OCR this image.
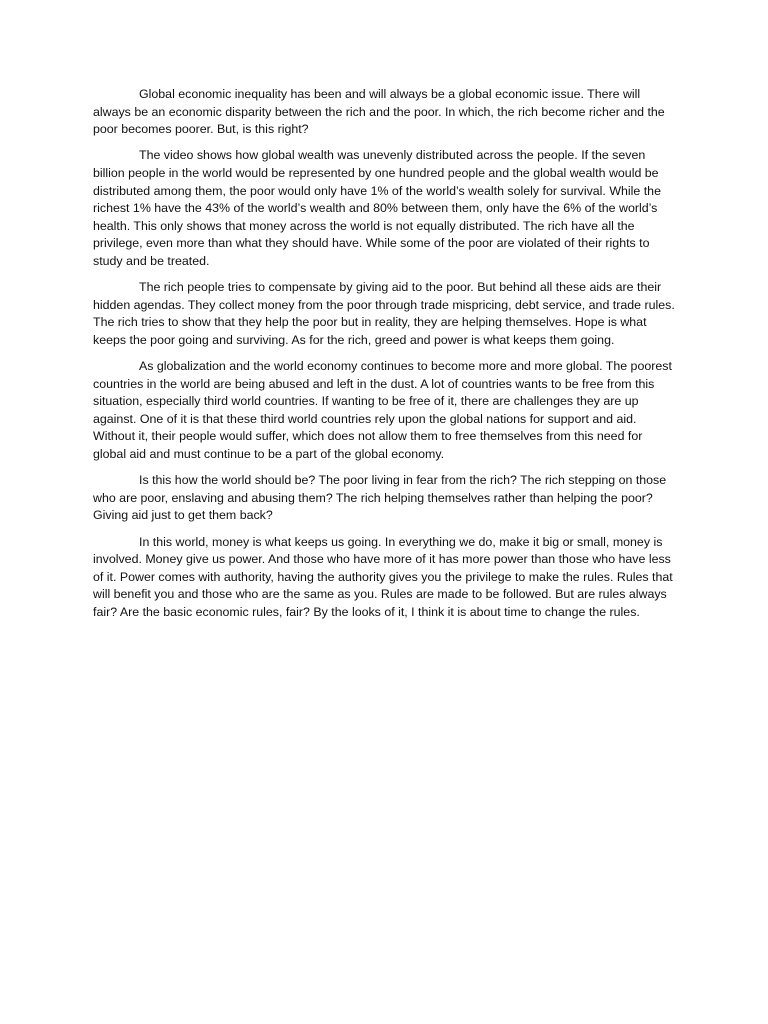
Global economic inequality has been and will always be a global economic issue. There will always be an economic disparity between the rich and the poor. In which, the rich become richer and the poor becomes poorer. But, is this right?

The video shows how global wealth was unevenly distributed across the people. If the seven billion people in the world would be represented by one hundred people and the global wealth would be distributed among them, the poor would only have 1% of the world’s wealth solely for survival. While the richest 1% have the 43% of the world’s wealth and 80% between them, only have the 6% of the world’s health. This only shows that money across the world is not equally distributed. The rich have all the privilege, even more than what they should have. While some of the poor are violated of their rights to study and be treated.

The rich people tries to compensate by giving aid to the poor. But behind all these aids are their hidden agendas. They collect money from the poor through trade mispricing, debt service, and trade rules. The rich tries to show that they help the poor but in reality, they are helping themselves. Hope is what keeps the poor going and surviving. As for the rich, greed and power is what keeps them going.

As globalization and the world economy continues to become more and more global. The poorest countries in the world are being abused and left in the dust. A lot of countries wants to be free from this situation, especially third world countries. If wanting to be free of it, there are challenges they are up against. One of it is that these third world countries rely upon the global nations for support and aid. Without it, their people would suffer, which does not allow them to free themselves from this need for global aid and must continue to be a part of the global economy.

Is this how the world should be? The poor living in fear from the rich? The rich stepping on those who are poor, enslaving and abusing them? The rich helping themselves rather than helping the poor? Giving aid just to get them back?

In this world, money is what keeps us going. In everything we do, make it big or small, money is involved. Money give us power. And those who have more of it has more power than those who have less of it. Power comes with authority, having the authority gives you the privilege to make the rules. Rules that will benefit you and those who are the same as you. Rules are made to be followed. But are rules always fair? Are the basic economic rules, fair? By the looks of it, I think it is about time to change the rules.
